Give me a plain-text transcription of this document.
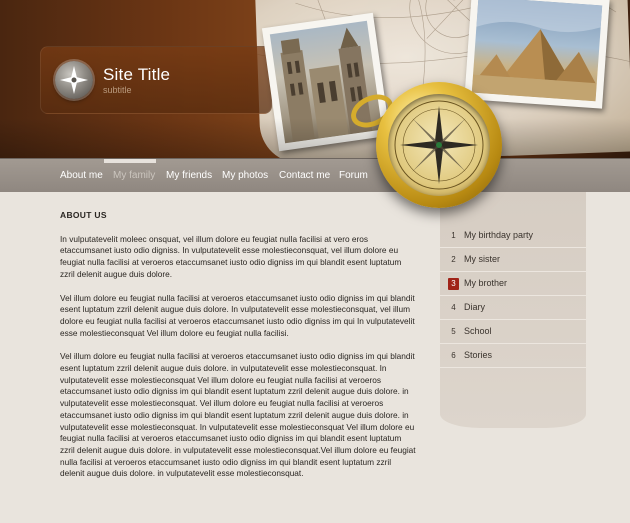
Site Title
subtitle
About me My family My friends My photos Contact me Forum
ABOUT US

In vulputatevelit moleec onsquat, vel illum dolore eu feugiat nulla facilisi at vero eros etaccumsanet iusto odio digniss. In vulputatevelit esse molestieconsquat, vel illum dolore eu feugiat nulla facilisi at veroeros etaccumsanet iusto odio digniss im qui blandit esent luptatum zzril delenit augue duis dolore.

Vel illum dolore eu feugiat nulla facilisi at veroeros etaccumsanet iusto odio digniss im qui blandit esent luptatum zzril delenit augue duis dolore. In vulputatevelit esse molestieconsquat, vel illum dolore eu feugiat nulla facilisi at veroeros etaccumsanet iusto odio digniss im qui In vulputatevelit esse molestieconsquat Vel illum dolore eu feugiat nulla facilisi.

Vel illum dolore eu feugiat nulla facilisi at veroeros etaccumsanet iusto odio digniss im qui blandit esent luptatum zzril delenit augue duis dolore. in vulputatevelit esse molestieconsquat. In vulputatevelit esse molestieconsquat Vel illum dolore eu feugiat nulla facilisi at veroeros etaccumsanet iusto odio digniss im qui blandit esent luptatum zzril delenit augue duis dolore. in vulputatevelit esse molestieconsquat. Vel illum dolore eu feugiat nulla facilisi at veroeros etaccumsanet iusto odio digniss im qui blandit esent luptatum zzril delenit augue duis dolore. in vulputatevelit esse molestieconsquat. In vulputatevelit esse molestieconsquat Vel illum dolore eu feugiat nulla facilisi at veroeros etaccumsanet iusto odio digniss im qui blandit esent luptatum zzril delenit augue duis dolore. in vulputatevelit esse molestieconsquat.Vel illum dolore eu feugiat nulla facilisi at veroeros etaccumsanet iusto odio digniss im qui blandit esent luptatum zzril delenit augue duis dolore. in vulputatevelit esse molestieconsquat.

1 My birthday party
2 My sister
3 My brother
4 Diary
5 School
6 Stories
